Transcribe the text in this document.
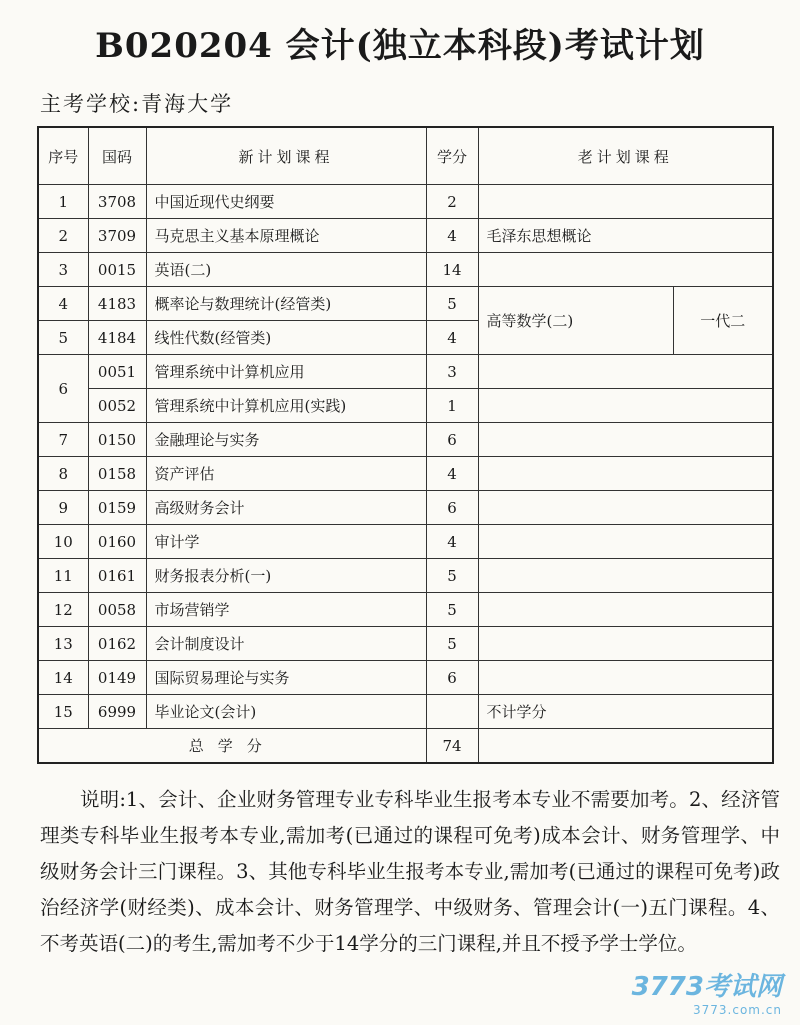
B020204 会计(独立本科段)考试计划
主考学校:青海大学
序号	国码	新计划课程	学分	老计划课程	
1	3708	中国近现代史纲要	2		
2	3709	马克思主义基本原理概论	4	毛泽东思想概论	
3	0015	英语(二)	14		
4	4183	概率论与数理统计(经管类)	5	高等数学(二)	一代二
5	4184	线性代数(经管类)	4		
6	0051	管理系统中计算机应用	3		
	0052	管理系统中计算机应用(实践)	1		
7	0150	金融理论与实务	6		
8	0158	资产评估	4		
9	0159	高级财务会计	6		
10	0160	审计学	4		
11	0161	财务报表分析(一)	5		
12	0058	市场营销学	5		
13	0162	会计制度设计	5		
14	0149	国际贸易理论与实务	6		
15	6999	毕业论文(会计)		不计学分	
总学分			74		
说明:1、会计、企业财务管理专业专科毕业生报考本专业不需要加考。2、经济管理类专科毕业生报考本专业,需加考(已通过的课程可免考)成本会计、财务管理学、中级财务会计三门课程。3、其他专科毕业生报考本专业,需加考(已通过的课程可免考)政治经济学(财经类)、成本会计、财务管理学、中级财务、管理会计(一)五门课程。4、不考英语(二)的考生,需加考不少于14学分的三门课程,并且不授予学士学位。
3773考试网
3773.com.cn
